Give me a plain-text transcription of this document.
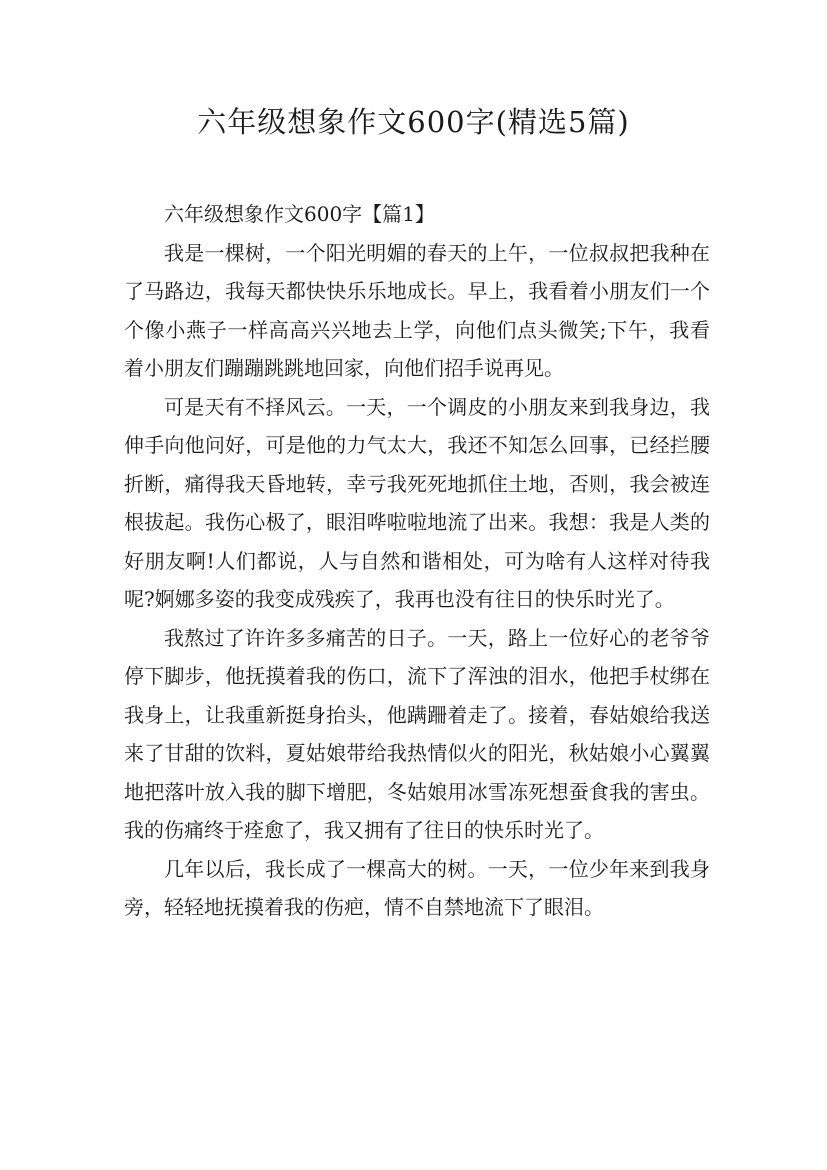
六年级想象作文600字(精选5篇)

六年级想象作文600字【篇1】

我是一棵树，一个阳光明媚的春天的上午，一位叔叔把我种在了马路边，我每天都快快乐乐地成长。早上，我看着小朋友们一个个像小燕子一样高高兴兴地去上学，向他们点头微笑;下午，我看着小朋友们蹦蹦跳跳地回家，向他们招手说再见。

可是天有不择风云。一天，一个调皮的小朋友来到我身边，我伸手向他问好，可是他的力气太大，我还不知怎么回事，已经拦腰折断，痛得我天昏地转，幸亏我死死地抓住土地，否则，我会被连根拔起。我伤心极了，眼泪哗啦啦地流了出来。我想：我是人类的好朋友啊!人们都说，人与自然和谐相处，可为啥有人这样对待我呢?婀娜多姿的我变成残疾了，我再也没有往日的快乐时光了。

我熬过了许许多多痛苦的日子。一天，路上一位好心的老爷爷停下脚步，他抚摸着我的伤口，流下了浑浊的泪水，他把手杖绑在我身上，让我重新挺身抬头，他蹒跚着走了。接着，春姑娘给我送来了甘甜的饮料，夏姑娘带给我热情似火的阳光，秋姑娘小心翼翼地把落叶放入我的脚下增肥，冬姑娘用冰雪冻死想蚕食我的害虫。我的伤痛终于痊愈了，我又拥有了往日的快乐时光了。

几年以后，我长成了一棵高大的树。一天，一位少年来到我身旁，轻轻地抚摸着我的伤疤，情不自禁地流下了眼泪。
